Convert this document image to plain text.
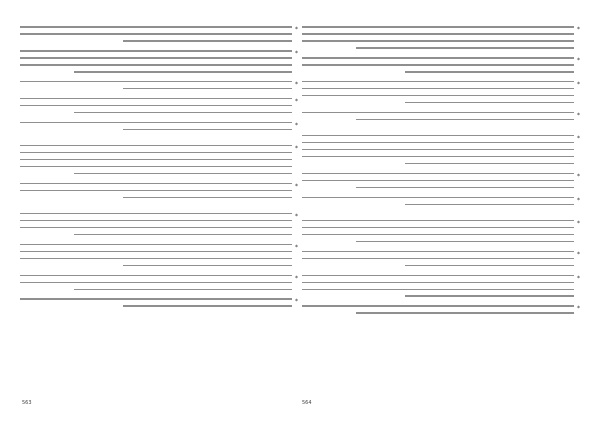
*

*

*

*

*

*

*

*

*

*

*

*

*

*

*

*

*

*

*

*

*

*

563	564
